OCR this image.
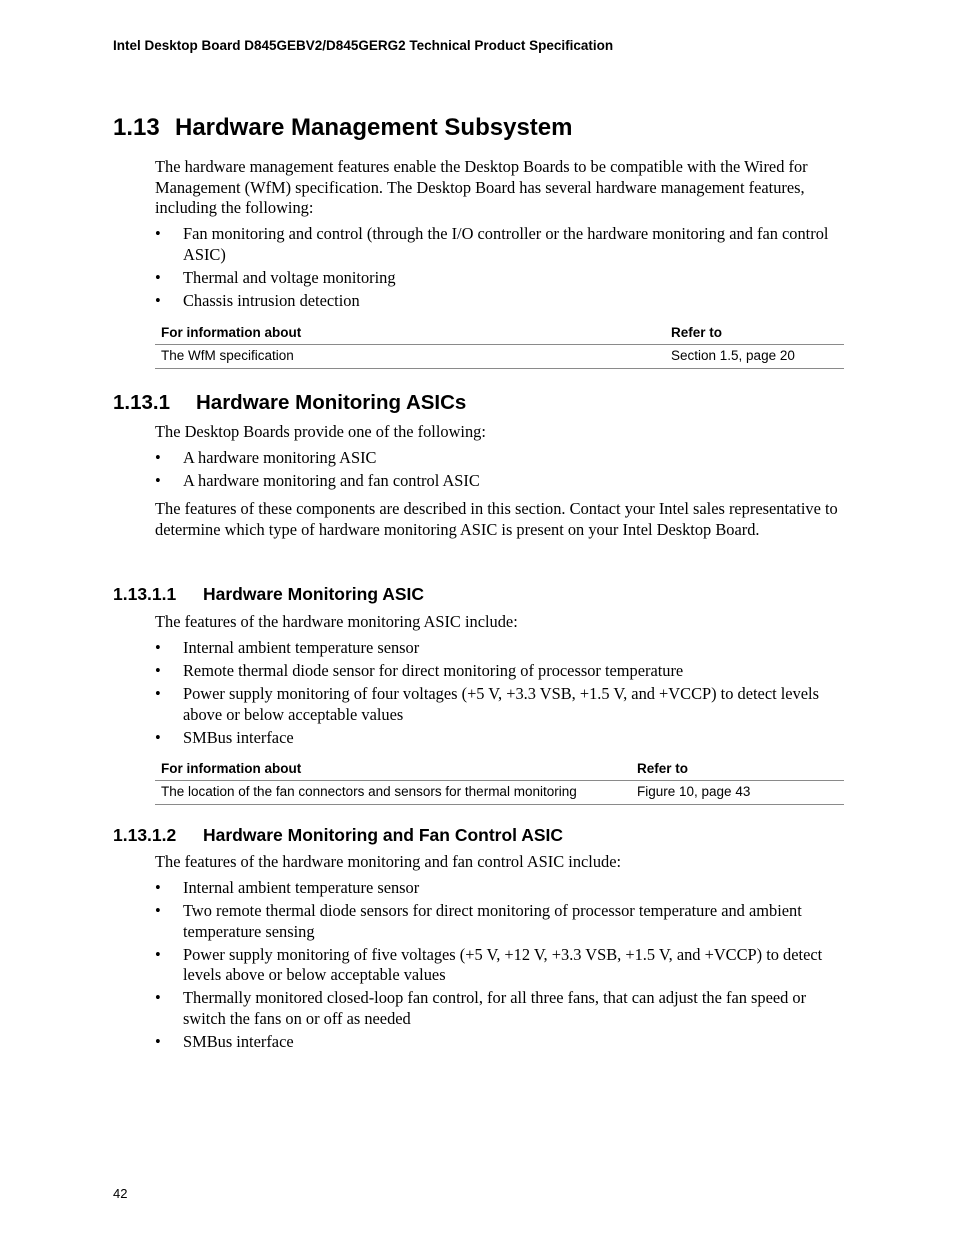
Intel Desktop Board D845GEBV2/D845GERG2 Technical Product Specification
1.13 Hardware Management Subsystem

The hardware management features enable the Desktop Boards to be compatible with the Wired for Management (WfM) specification. The Desktop Board has several hardware management features, including the following:

• Fan monitoring and control (through the I/O controller or the hardware monitoring and fan control ASIC)
• Thermal and voltage monitoring
• Chassis intrusion detection
For information about	Refer to
The WfM specification	Section 1.5, page 20
1.13.1 Hardware Monitoring ASICs

The Desktop Boards provide one of the following:

• A hardware monitoring ASIC
• A hardware monitoring and fan control ASIC

The features of these components are described in this section. Contact your Intel sales representative to determine which type of hardware monitoring ASIC is present on your Intel Desktop Board.

1.13.1.1 Hardware Monitoring ASIC

The features of the hardware monitoring ASIC include:

• Internal ambient temperature sensor
• Remote thermal diode sensor for direct monitoring of processor temperature
• Power supply monitoring of four voltages (+5 V, +3.3 VSB, +1.5 V, and +VCCP) to detect levels above or below acceptable values
• SMBus interface
For information about	Refer to
The location of the fan connectors and sensors for thermal monitoring	Figure 10, page 43
1.13.1.2 Hardware Monitoring and Fan Control ASIC

The features of the hardware monitoring and fan control ASIC include:

• Internal ambient temperature sensor
• Two remote thermal diode sensors for direct monitoring of processor temperature and ambient temperature sensing
• Power supply monitoring of five voltages (+5 V, +12 V, +3.3 VSB, +1.5 V, and +VCCP) to detect levels above or below acceptable values
• Thermally monitored closed-loop fan control, for all three fans, that can adjust the fan speed or switch the fans on or off as needed
• SMBus interface
42
